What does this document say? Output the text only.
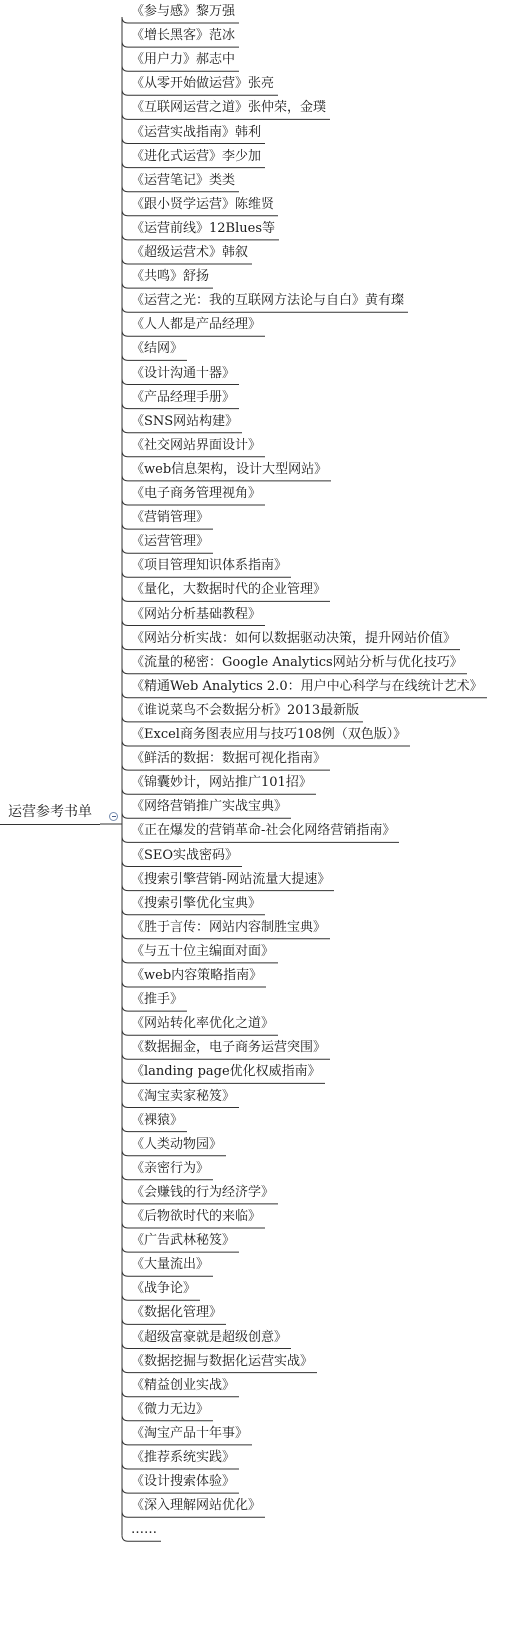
运营参考书单
《参与感》黎万强
《增长黑客》范冰
《用户力》郝志中
《从零开始做运营》张亮
《互联网运营之道》张仲荣，金璞
《运营实战指南》韩利
《进化式运营》李少加
《运营笔记》类类
《跟小贤学运营》陈维贤
《运营前线》12Blues等
《超级运营术》韩叙
《共鸣》舒扬
《运营之光：我的互联网方法论与自白》黄有璨
《人人都是产品经理》
《结网》
《设计沟通十器》
《产品经理手册》
《SNS网站构建》
《社交网站界面设计》
《web信息架构，设计大型网站》
《电子商务管理视角》
《营销管理》
《运营管理》
《项目管理知识体系指南》
《量化，大数据时代的企业管理》
《网站分析基础教程》
《网站分析实战：如何以数据驱动决策，提升网站价值》
《流量的秘密：Google Analytics网站分析与优化技巧》
《精通Web Analytics 2.0：用户中心科学与在线统计艺术》
《谁说菜鸟不会数据分析》2013最新版
《Excel商务图表应用与技巧108例（双色版）》
《鲜活的数据：数据可视化指南》
《锦囊妙计，网站推广101招》
《网络营销推广实战宝典》
《正在爆发的营销革命-社会化网络营销指南》
《SEO实战密码》
《搜索引擎营销-网站流量大提速》
《搜索引擎优化宝典》
《胜于言传：网站内容制胜宝典》
《与五十位主编面对面》
《web内容策略指南》
《推手》
《网站转化率优化之道》
《数据掘金，电子商务运营突围》
《landing page优化权威指南》
《淘宝卖家秘笈》
《裸猿》
《人类动物园》
《亲密行为》
《会赚钱的行为经济学》
《后物欲时代的来临》
《广告武林秘笈》
《大量流出》
《战争论》
《数据化管理》
《超级富豪就是超级创意》
《数据挖掘与数据化运营实战》
《精益创业实战》
《微力无边》
《淘宝产品十年事》
《推荐系统实践》
《设计搜索体验》
《深入理解网站优化》
……
